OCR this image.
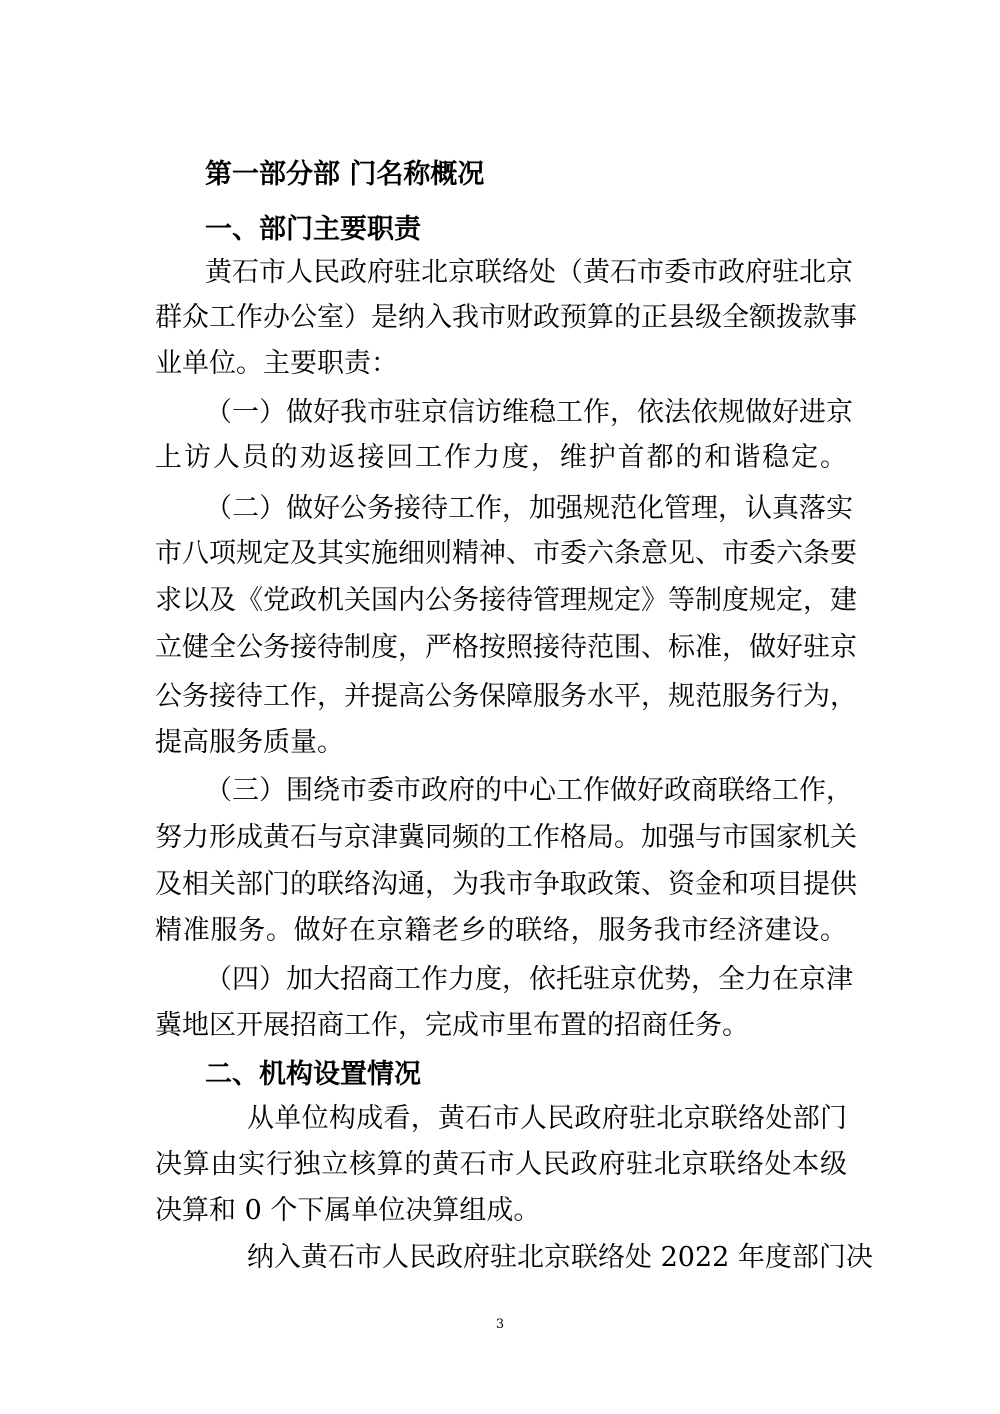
第一部分部 门名称概况
一、部门主要职责
黄石市人民政府驻北京联络处（黄石市委市政府驻北京
群众工作办公室）是纳入我市财政预算的正县级全额拨款事
业单位。主要职责：
（一）做好我市驻京信访维稳工作，依法依规做好进京
上访人员的劝返接回工作力度，维护首都的和谐稳定。
（二）做好公务接待工作，加强规范化管理，认真落实
市八项规定及其实施细则精神、市委六条意见、市委六条要
求以及《党政机关国内公务接待管理规定》等制度规定，建
立健全公务接待制度，严格按照接待范围、标准，做好驻京
公务接待工作，并提高公务保障服务水平，规范服务行为，
提高服务质量。
（三）围绕市委市政府的中心工作做好政商联络工作，
努力形成黄石与京津冀同频的工作格局。加强与市国家机关
及相关部门的联络沟通，为我市争取政策、资金和项目提供
精准服务。做好在京籍老乡的联络，服务我市经济建设。
（四）加大招商工作力度，依托驻京优势，全力在京津
冀地区开展招商工作，完成市里布置的招商任务。
二、机构设置情况
从单位构成看，黄石市人民政府驻北京联络处部门
决算由实行独立核算的黄石市人民政府驻北京联络处本级
决算和 0 个下属单位决算组成。
纳入黄石市人民政府驻北京联络处 2022 年度部门决
3
